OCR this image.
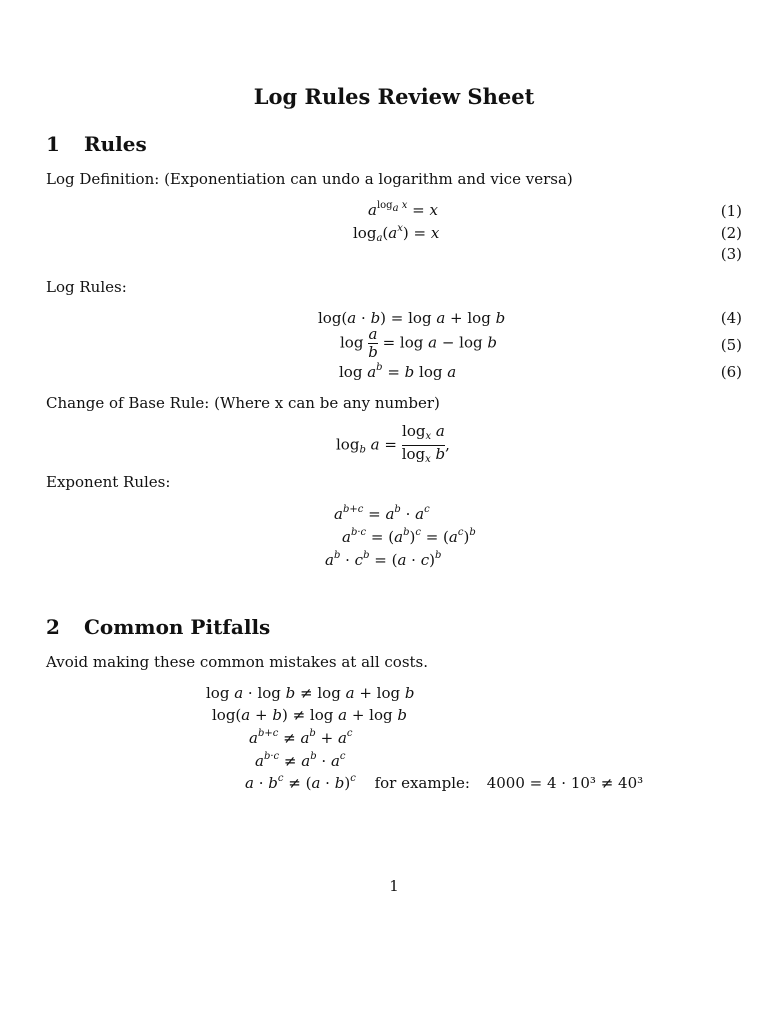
Log Rules Review Sheet
1 Rules
Log Definition: (Exponentiation can undo a logarithm and vice versa)
$a^{log_a x} = x$
$\log_a(a^x) = x$
(1)
(2)
(3)
Log Rules:
log(a · b) = log a + log b
$\log \frac{a}{b} = \log a - \log b$
$\log a^b = b$ log a
(4)
(5)
(6)
Change of Base Rule: (Where x can be any number)
$\log_b a = \frac{\log_x a}{\log_x b}$ ,
Exponent Rules:
$a^{b+c} = a^b \cdot a^c$
$a^{b\cdot c} = (a^b)^c = (a^c)^b$
$a^b \cdot c^b = (a \cdot c)^b$
2 Common Pitfalls
Avoid making these common mistakes at all costs.
log a · log b ≠ log a + log b
log(a + b) ≠ log a + log b
$a^{b+c} \ne a^b + a^c$
$a^{b\cdot c} \ne a^b \cdot a^c$
$a \cdot b^c \ne (a \cdot b)^c$ for example: 4000 = 4 · 10³ ≠ 40³
1
